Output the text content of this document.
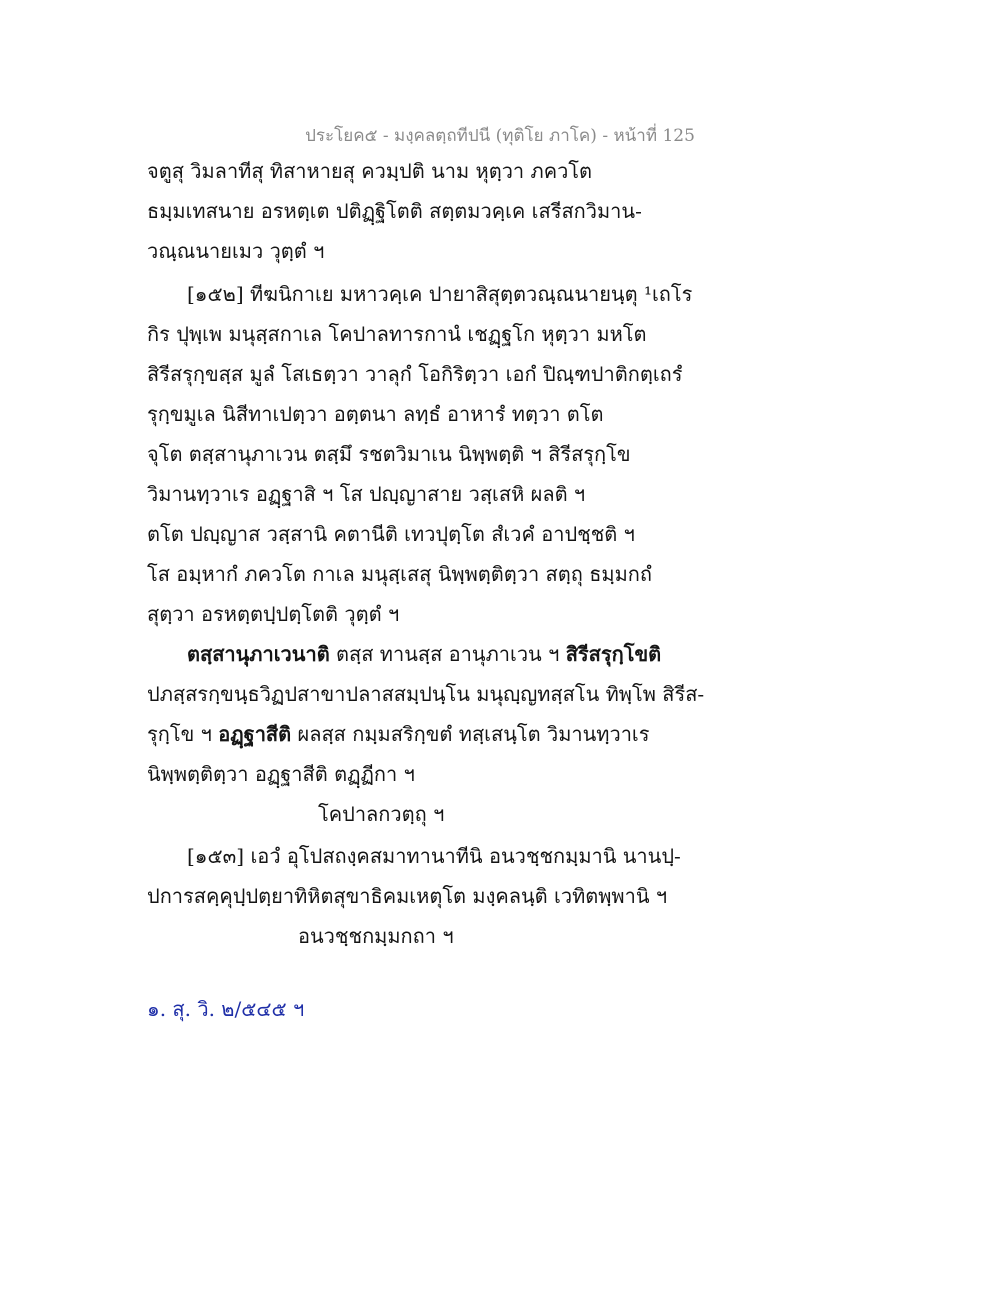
ประโยค๕ - มงฺคลตฺถทีปนี (ทุติโย ภาโค) - หน้าที่ 125
จตูสุ วิมลาทีสุ ทิสาหายสุ ควมฺปติ นาม หุตฺวา ภควโต
ธมฺมเทสนาย อรหตฺเต ปติฏฺฐิโตติ สตฺตมวคฺเค เสรีสกวิมาน-
วณฺณนายเมว วุตฺตํ ฯ
[๑๕๒] ทีฆนิกาเย มหาวคฺเค ปายาสิสุตฺตวณฺณนายนฺตุ ¹เถโร
กิร ปุพฺเพ มนุสฺสกาเล โคปาลทารกานํ เชฏฺฐโก หุตฺวา มหโต
สิรีสรุกฺขสฺส มูลํ โสเธตฺวา วาลุกํ โอกิริตฺวา เอกํ ปิณฺฑปาติกตฺเถรํ
รุกฺขมูเล นิสีทาเปตฺวา อตฺตนา ลทฺธํ อาหารํ ทตฺวา ตโต
จุโต ตสฺสานุภาเวน ตสฺมึ รชตวิมาเน นิพฺพตฺติ ฯ สิรีสรุกฺโข
วิมานทฺวาเร อฏฺฐาสิ ฯ โส ปญฺญาสาย วสฺเสหิ ผลติ ฯ
ตโต ปญฺญาส วสฺสานิ คตานีติ เทวปุตฺโต สํเวคํ อาปชฺชติ ฯ
โส อมฺหากํ ภควโต กาเล มนุสฺเสสุ นิพฺพตฺติตฺวา สตฺถุ ธมฺมกถํ
สุตฺวา อรหตฺตปฺปตฺโตติ วุตฺตํ ฯ
ตสฺสานุภาเวนาติ ตสฺส ทานสฺส อานุภาเวน ฯ สิรีสรุกฺโขติ
ปภสฺสรกฺขนฺธวิฏปสาขาปลาสสมฺปนฺโน มนุญฺญทสฺสโน ทิพฺโพ สิรีส-
รุกฺโข ฯ อฏฺฐาสีติ ผลสฺส กมฺมสริกฺขตํ ทสฺเสนฺโต วิมานทฺวาเร
นิพฺพตฺติตฺวา อฏฺฐาสีติ ตฏฺฏีกา ฯ
โคปาลกวตฺถุ ฯ
[๑๕๓] เอวํ อุโปสถงฺคสมาทานาทีนิ อนวชฺชกมฺมานิ นานปฺ-
ปการสคฺคุปฺปตฺยาทิหิตสุขาธิคมเหตุโต มงฺคลนฺติ เวทิตพฺพานิ ฯ
อนวชฺชกมฺมกถา ฯ
๑. สุ. วิ. ๒/๕๔๕ ฯ
